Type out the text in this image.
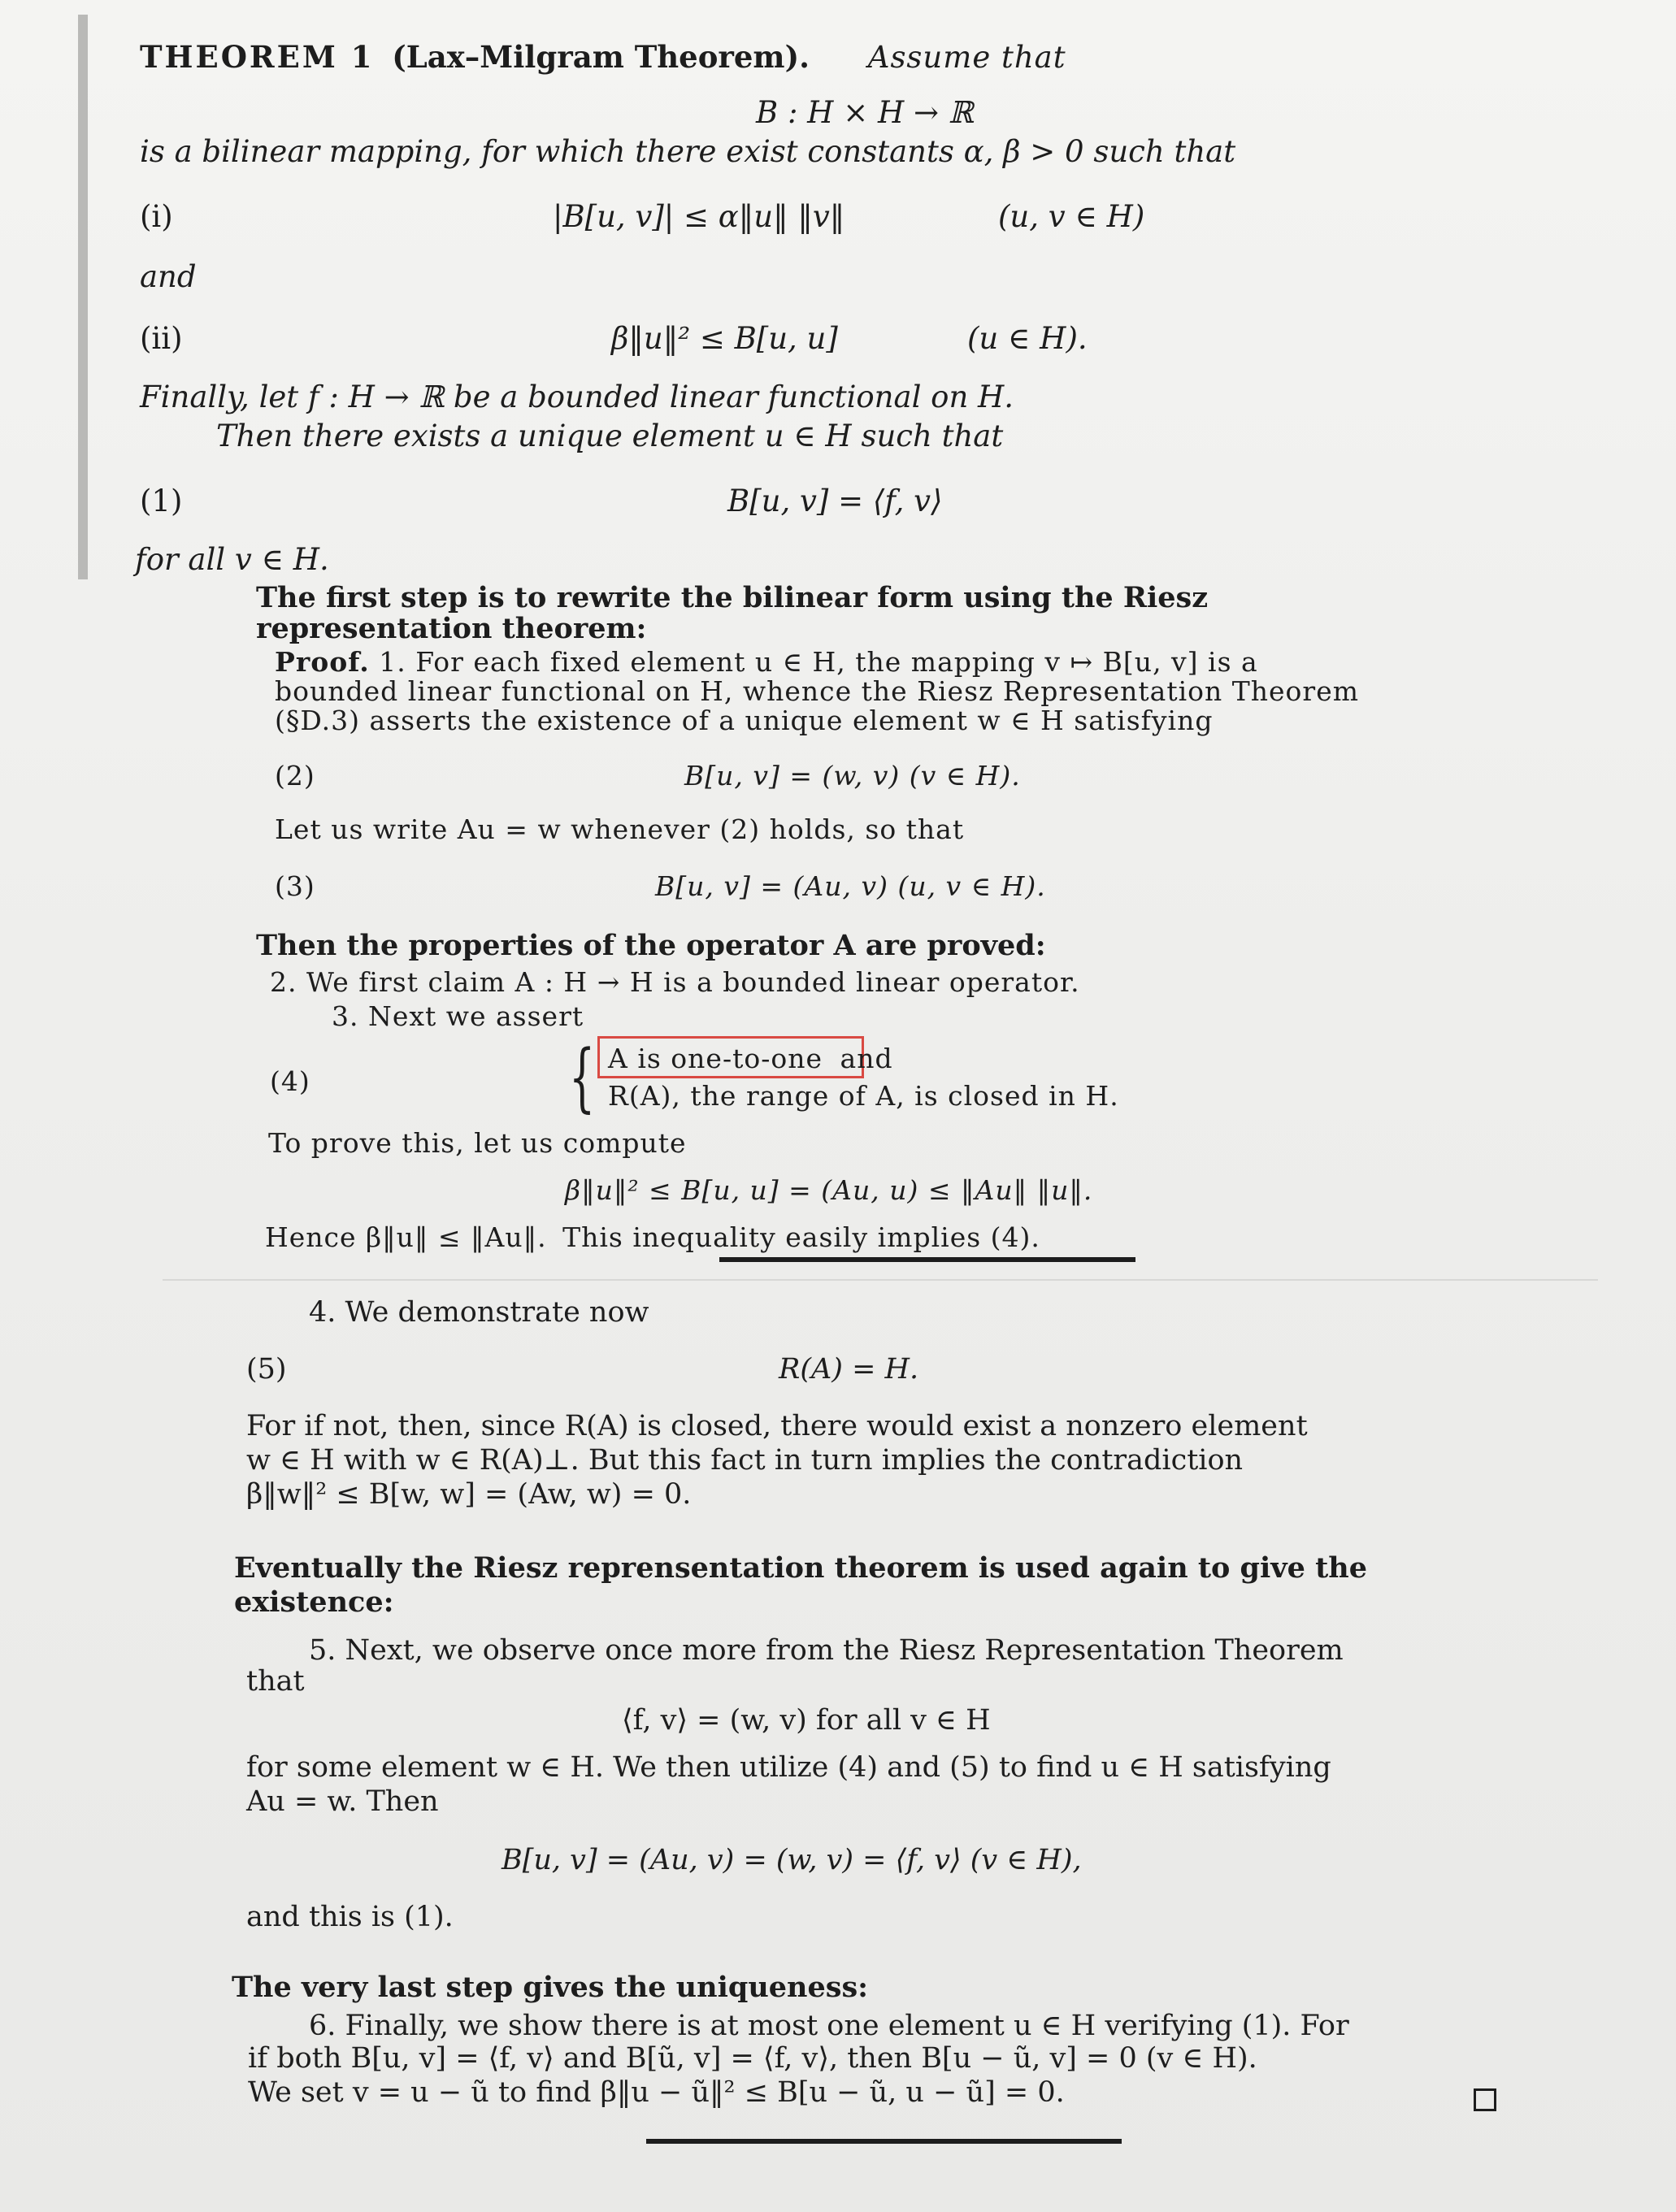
THEOREM 1 (Lax–Milgram Theorem). Assume that
B : H × H → ℝ
is a bilinear mapping, for which there exist constants α, β > 0 such that
(i)	|B[u, v]| ≤ α‖u‖ ‖v‖	(u, v ∈ H)
and
(ii)	β‖u‖² ≤ B[u, u]	(u ∈ H).
Finally, let f : H → ℝ be a bounded linear functional on H.
Then there exists a unique element u ∈ H such that
(1)	B[u, v] = ⟨f, v⟩
for all v ∈ H.
The first step is to rewrite the bilinear form using the Riesz
representation theorem:
Proof. 1. For each fixed element u ∈ H, the mapping v ↦ B[u, v] is a
bounded linear functional on H, whence the Riesz Representation Theorem
(§D.3) asserts the existence of a unique element w ∈ H satisfying
(2)	B[u, v] = (w, v) (v ∈ H).
Let us write Au = w whenever (2) holds, so that
(3)	B[u, v] = (Au, v) (u, v ∈ H).
Then the properties of the operator A are proved:
2. We first claim A : H → H is a bounded linear operator.
3. Next we assert
(4)	{ A is one-to-one and
R(A), the range of A, is closed in H.
To prove this, let us compute
β‖u‖² ≤ B[u, u] = (Au, u) ≤ ‖Au‖ ‖u‖.
Hence β‖u‖ ≤ ‖Au‖. This inequality easily implies (4).
4. We demonstrate now
(5)	R(A) = H.
For if not, then, since R(A) is closed, there would exist a nonzero element
w ∈ H with w ∈ R(A)⊥. But this fact in turn implies the contradiction
β‖w‖² ≤ B[w, w] = (Aw, w) = 0.
Eventually the Riesz reprensentation theorem is used again to give the
existence:
5. Next, we observe once more from the Riesz Representation Theorem
that
⟨f, v⟩ = (w, v) for all v ∈ H
for some element w ∈ H. We then utilize (4) and (5) to find u ∈ H satisfying
Au = w. Then
B[u, v] = (Au, v) = (w, v) = ⟨f, v⟩ (v ∈ H),
and this is (1).
The very last step gives the uniqueness:
6. Finally, we show there is at most one element u ∈ H verifying (1). For
if both B[u, v] = ⟨f, v⟩ and B[ũ, v] = ⟨f, v⟩, then B[u − ũ, v] = 0 (v ∈ H).
We set v = u − ũ to find β‖u − ũ‖² ≤ B[u − ũ, u − ũ] = 0.
